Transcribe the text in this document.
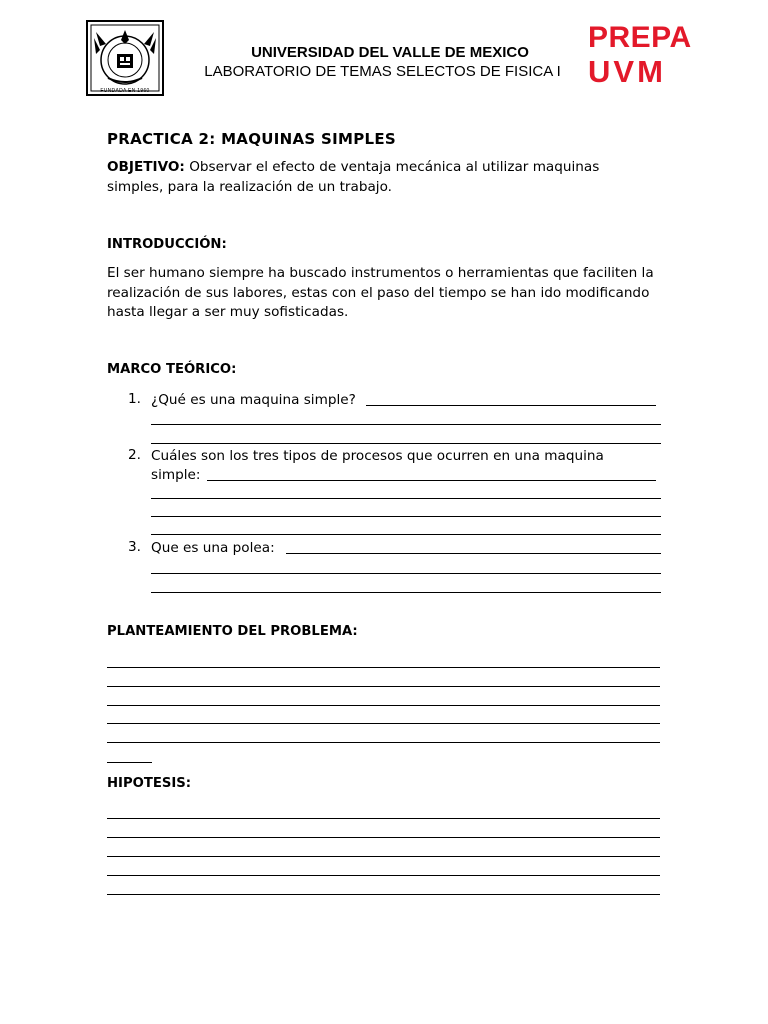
FUNDADA EN 1960
UNIVERSIDAD DEL VALLE DE MEXICO
LABORATORIO DE TEMAS SELECTOS DE FISICA I
PREPA
UVM
PRACTICA 2: MAQUINAS SIMPLES
OBJETIVO: Observar el efecto de ventaja mecánica al utilizar maquinas
simples, para la realización de un trabajo.
INTRODUCCIÓN:
El ser humano siempre ha buscado instrumentos o herramientas que faciliten la
realización de sus labores, estas con el paso del tiempo se han ido modificando
hasta llegar a ser muy sofisticadas.
MARCO TEÓRICO:
1. ¿Qué es una maquina simple?
2. Cuáles son los tres tipos de procesos que ocurren en una maquina
simple:
3. Que es una polea:
PLANTEAMIENTO DEL PROBLEMA:
HIPOTESIS:
